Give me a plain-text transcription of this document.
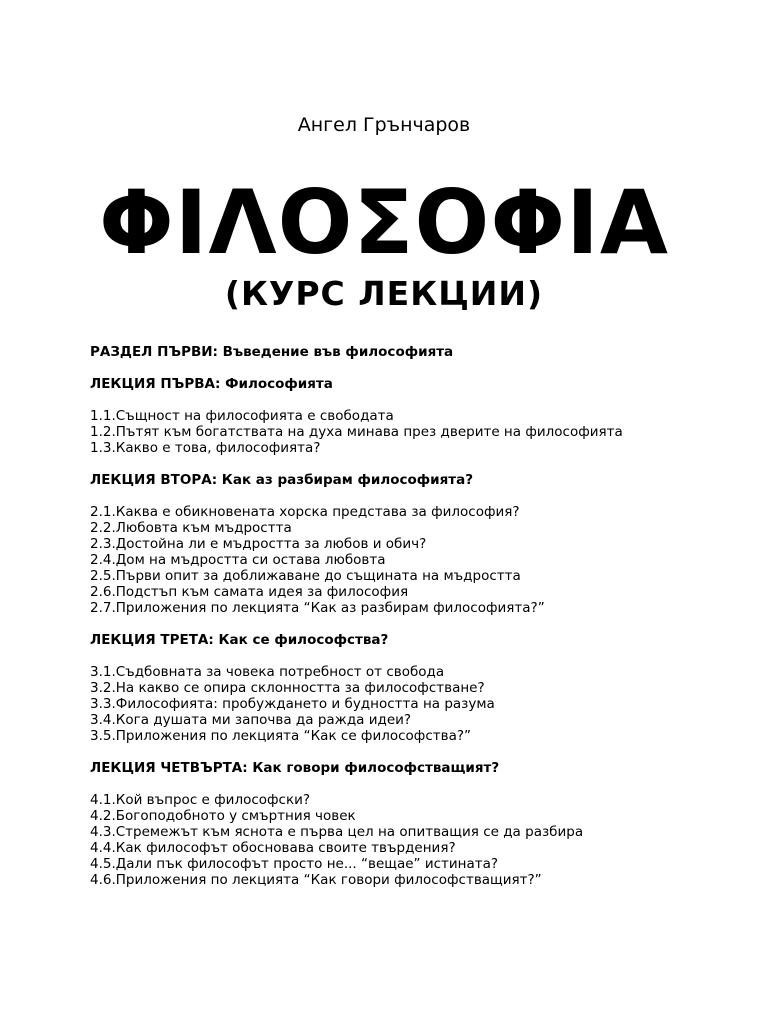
Ангел Грънчаров
ΦΙΛΟΣΟΦΙΑ
(КУРС ЛЕКЦИИ)
РАЗДЕЛ ПЪРВИ: Въведение във философията
ЛЕКЦИЯ ПЪРВА: Философията
1.1.Същност на философията е свободата
1.2.Пътят към богатствата на духа минава през дверите на философията
1.3.Какво е това, философията?
ЛЕКЦИЯ ВТОРА: Как аз разбирам философията?
2.1.Каква е обикновената хорска представа за философия?
2.2.Любовта към мъдростта
2.3.Достойна ли е мъдростта за любов и обич?
2.4.Дом на мъдростта си остава любовта
2.5.Първи опит за доближаване до същината на мъдростта
2.6.Подстъп към самата идея за философия
2.7.Приложения по лекцията “Как аз разбирам философията?”
ЛЕКЦИЯ ТРЕТА: Как се философства?
3.1.Съдбовната за човека потребност от свобода
3.2.На какво се опира склонността за философстване?
3.3.Философията: пробуждането и будността на разума
3.4.Кога душата ми започва да ражда идеи?
3.5.Приложения по лекцията “Как се философства?”
ЛЕКЦИЯ ЧЕТВЪРТА: Как говори философстващият?
4.1.Кой въпрос е философски?
4.2.Богоподобното у смъртния човек
4.3.Стремежът към яснота е първа цел на опитващия се да разбира
4.4.Как философът обосновава своите твърдения?
4.5.Дали пък философът просто не... “вещае” истината?
4.6.Приложения по лекцията “Как говори философстващият?”
